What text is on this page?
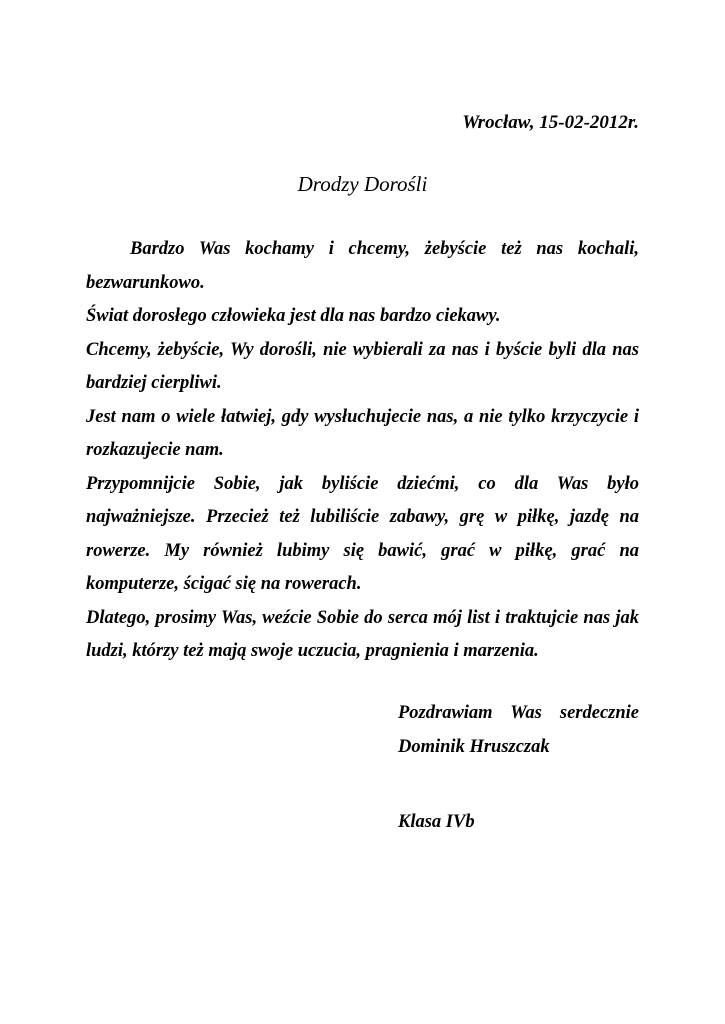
Wrocław, 15-02-2012r.
Drodzy Dorośli

Bardzo Was kochamy i chcemy, żebyście też nas kochali, bezwarunkowo.

Świat dorosłego człowieka jest dla nas bardzo ciekawy.

Chcemy, żebyście, Wy dorośli, nie wybierali za nas i byście byli dla nas bardziej cierpliwi.

Jest nam o wiele łatwiej, gdy wysłuchujecie nas, a nie tylko krzyczycie i rozkazujecie nam.

Przypomnijcie Sobie, jak byliście dziećmi, co dla Was było najważniejsze. Przecież też lubiliście zabawy, grę w piłkę, jazdę na rowerze. My również lubimy się bawić, grać w piłkę, grać na komputerze, ścigać się na rowerach.

Dlatego, prosimy Was, weźcie Sobie do serca mój list i traktujcie nas jak ludzi, którzy też mają swoje uczucia, pragnienia i marzenia.

Pozdrawiam Was serdecznie
Dominik Hruszczak
Klasa IVb
